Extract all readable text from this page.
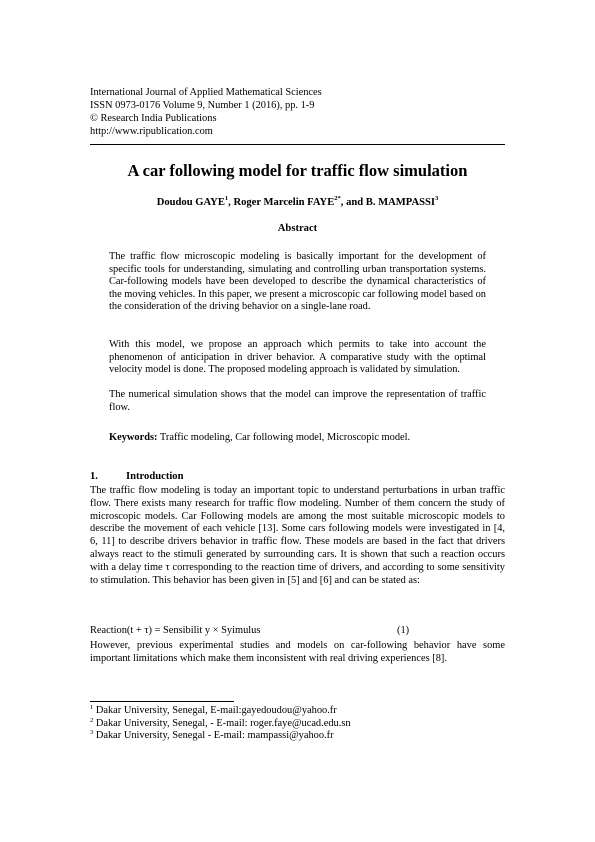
International Journal of Applied Mathematical Sciences
ISSN 0973-0176 Volume 9, Number 1 (2016), pp. 1-9
© Research India Publications
http://www.ripublication.com
A car following model for traffic flow simulation
Doudou GAYE$^1$, Roger Marcelin $FAYE^{2*}$, and B. MAMPASSI$^3$
Abstract
The traffic flow microscopic modeling is basically important for the development of specific tools for understanding, simulating and controlling urban transportation systems. Car-following models have been developed to describe the dynamical characteristics of the moving vehicles. In this paper, we present a microscopic car following model based on the consideration of the driving behavior on a single-lane road.
With this model, we propose an approach which permits to take into account the phenomenon of anticipation in driver behavior. A comparative study with the optimal velocity model is done. The proposed modeling approach is validated by simulation.
The numerical simulation shows that the model can improve the representation of traffic flow.
Keywords: Traffic modeling, Car following model, Microscopic model.
1.	Introduction
The traffic flow modeling is today an important topic to understand perturbations in urban traffic flow. There exists many research for traffic flow modeling. Number of them concern the study of microscopic models. Car Following models are among the most suitable microscopic models to describe the movement of each vehicle [13]. Some cars following models were investigated in [4, 6, 11] to describe drivers behavior in traffic flow. These models are based in the fact that drivers always react to the stimuli generated by surrounding cars. It is shown that such a reaction occurs with a delay time τ corresponding to the reaction time of drivers, and according to some sensitivity to stimulation. This behavior has been given in [5] and [6] and can be stated as:
Reaction(t + τ) = Sensibilit y × Syimulus	(1)
However, previous experimental studies and models on car-following behavior have some important limitations which make them inconsistent with real driving experiences [8].
$^1$ Dakar University, Senegal, E-mail:gayedoudou@yahoo.fr
$^2$ Dakar University, Senegal, - E-mail: roger.faye@ucad.edu.sn
$^3$ Dakar University, Senegal - E-mail: mampassi@yahoo.fr
